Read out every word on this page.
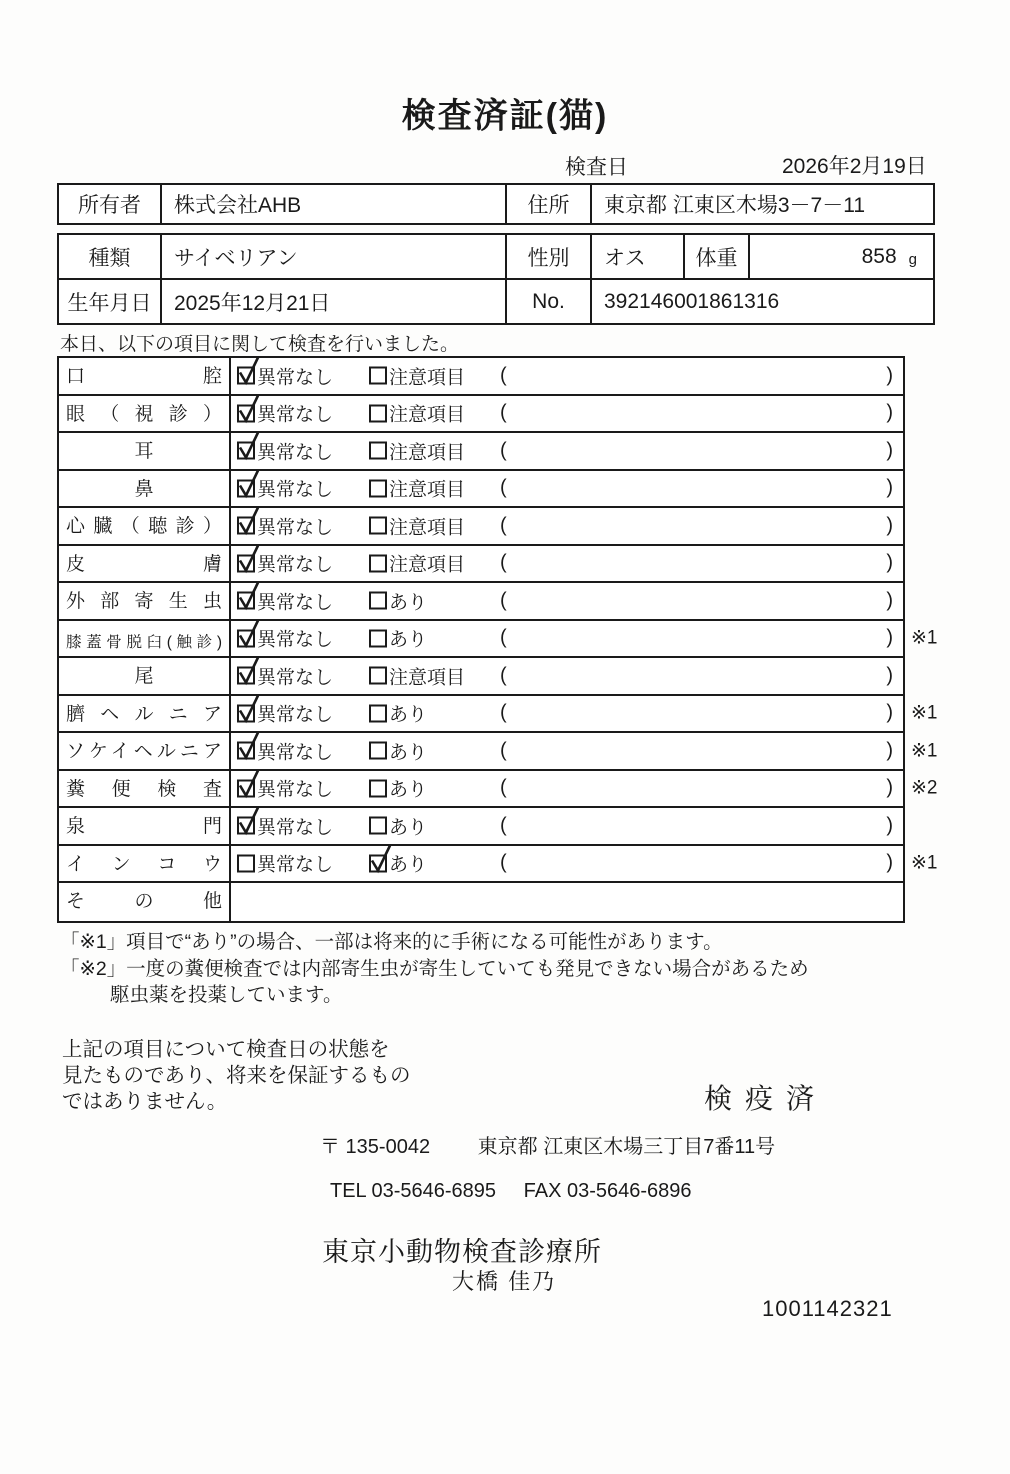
検査済証(猫)
検査日	2026年2月19日
所有者	株式会社AHB	住所	東京都 江東区木場3－7－11
種類	サイベリアン	性別	オス	体重	858 g
生年月日	2025年12月21日	No.	392146001861316
本日、以下の項目に関して検査を行いました。
口腔	異常なし	注意項目 (	)
眼（視診）	異常なし	注意項目 (	)
耳	異常なし	注意項目 (	)
鼻	異常なし	注意項目 (	)
心臓（聴診）	異常なし	注意項目 (	)
皮膚	異常なし	注意項目 (	)
外部寄生虫	異常なし	あり	(	)
膝蓋骨脱臼(触診)	異常なし	あり	(	) ※1
尾	異常なし	注意項目 (	)
臍ヘルニア	異常なし	あり	(	) ※1
ソケイヘルニア	異常なし	あり	(	) ※1
糞便検査	異常なし	あり	(	) ※2
泉門	異常なし	あり	(	)
インコウ	異常なし	あり	(	) ※1
その他
「※1」項目で“あり”の場合、一部は将来的に手術になる可能性があります。
「※2」一度の糞便検査では内部寄生虫が寄生していても発見できない場合があるため
駆虫薬を投薬しています。
上記の項目について検査日の状態を
見たものであり、将来を保証するもの
ではありません。	検疫済
〒 135-0042 東京都 江東区木場三丁目7番11号
TEL 03-5646-6895 FAX 03-5646-6896
東京小動物検査診療所
大橋 佳乃
1001142321
